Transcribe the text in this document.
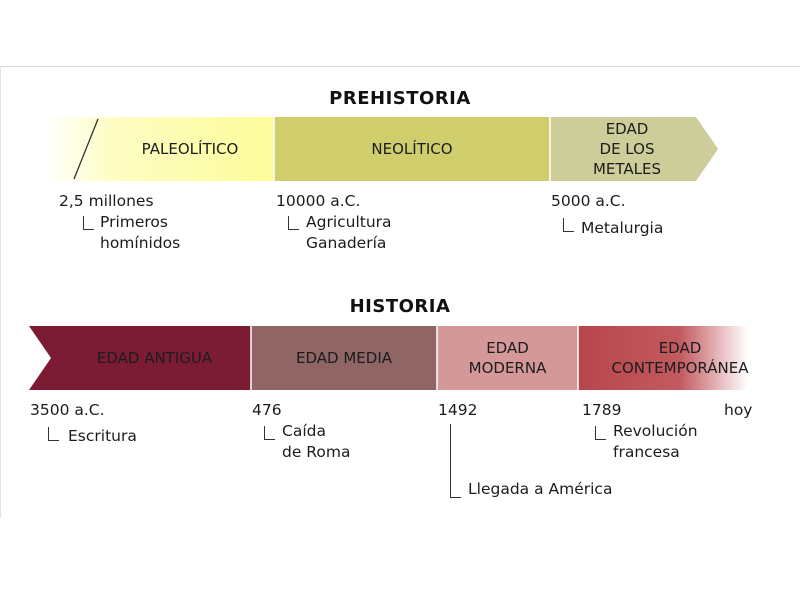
PREHISTORIA
PALEOLÍTICO	NEOLÍTICO
EDAD
DE LOS
METALES
2,5 millones
Primeros
homínidos
10000 a.C.
Agricultura
Ganadería
5000 a.C.
Metalurgia
HISTORIA
EDAD ANTIGUA	EDAD MEDIA
EDAD
MODERNA
EDAD
CONTEMPORÁNEA
3500 a.C.
Escritura
476
Caída
de Roma
1492
Llegada a América
1789
Revolución
francesa
hoy
